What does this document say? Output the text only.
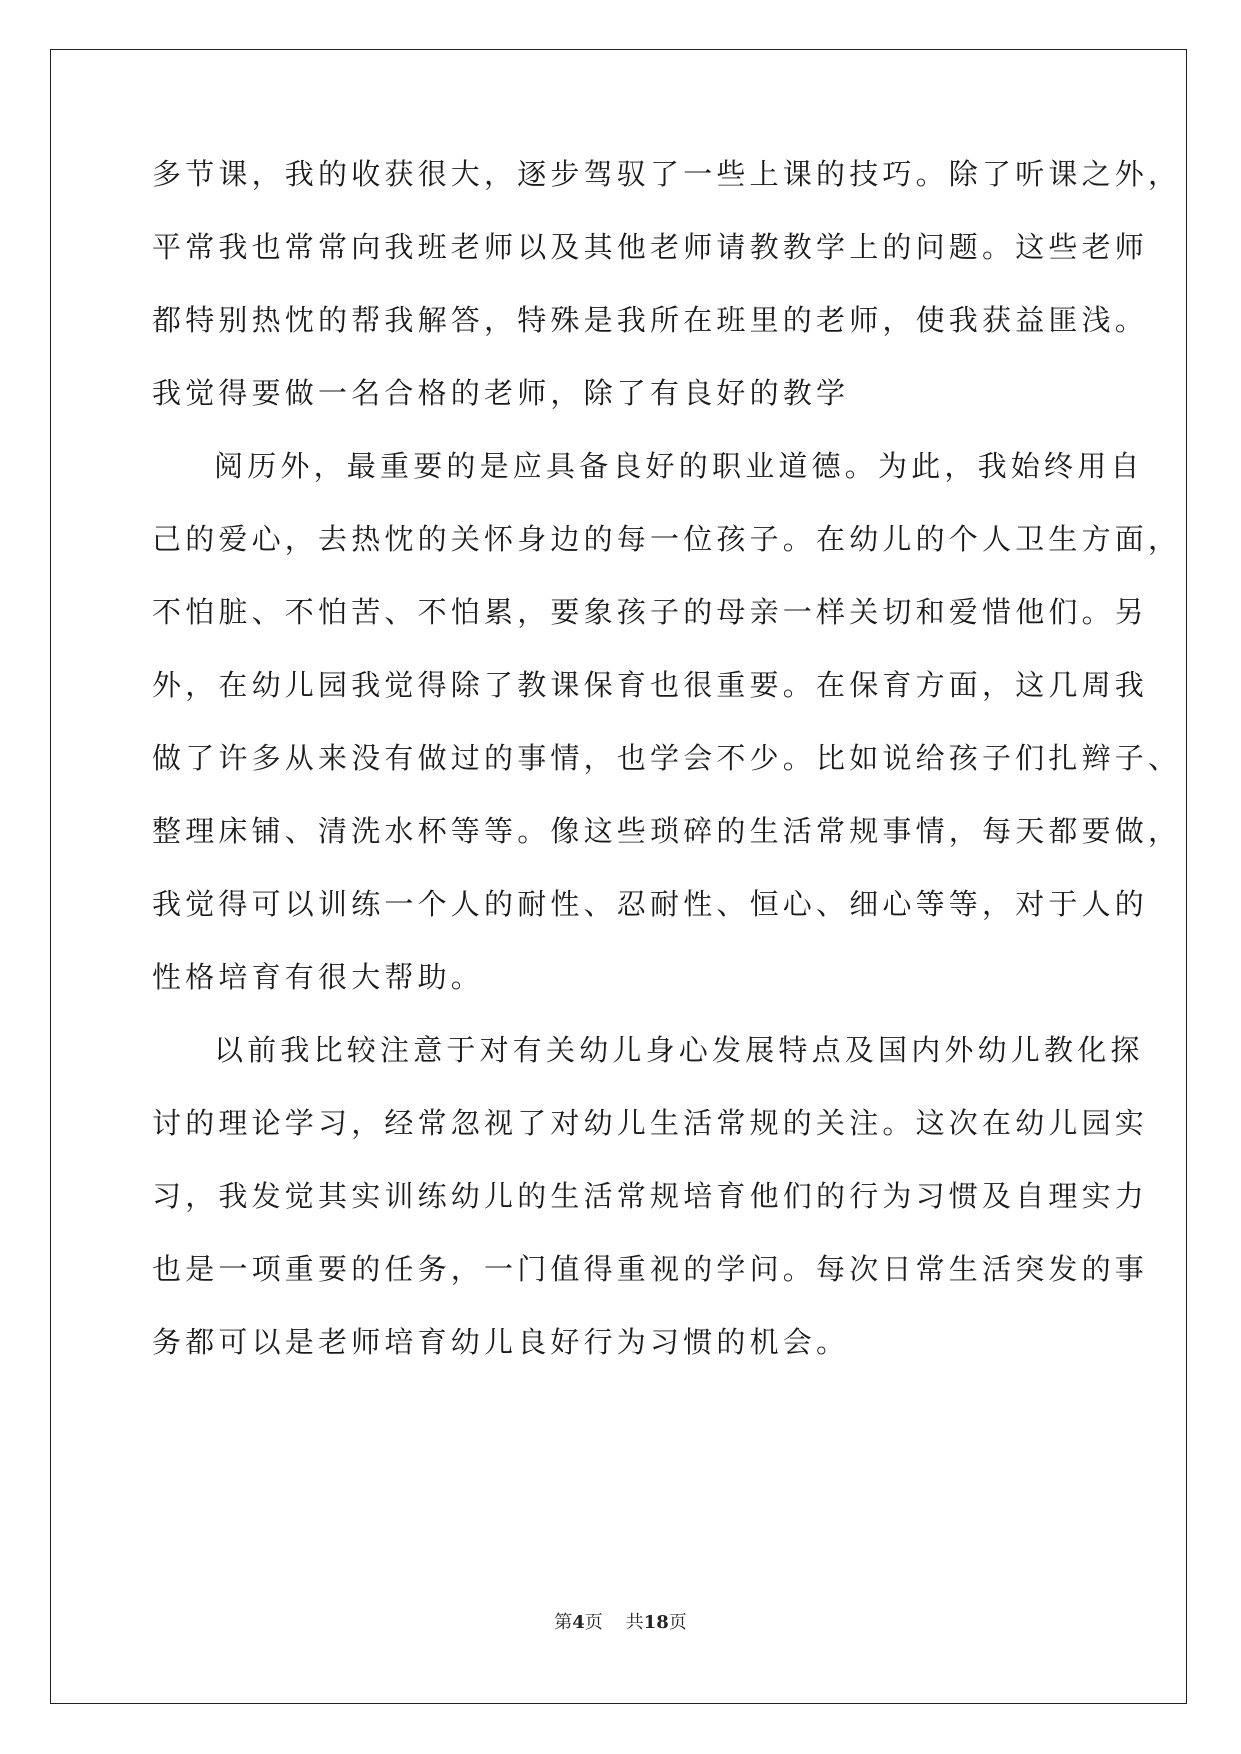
多节课，我的收获很大，逐步驾驭了一些上课的技巧。除了听课之外，
平常我也常常向我班老师以及其他老师请教教学上的问题。这些老师
都特别热忱的帮我解答，特殊是我所在班里的老师，使我获益匪浅。
我觉得要做一名合格的老师，除了有良好的教学
阅历外，最重要的是应具备良好的职业道德。为此，我始终用自
己的爱心，去热忱的关怀身边的每一位孩子。在幼儿的个人卫生方面，
不怕脏、不怕苦、不怕累，要象孩子的母亲一样关切和爱惜他们。另
外，在幼儿园我觉得除了教课保育也很重要。在保育方面，这几周我
做了许多从来没有做过的事情，也学会不少。比如说给孩子们扎辫子、
整理床铺、清洗水杯等等。像这些琐碎的生活常规事情，每天都要做，
我觉得可以训练一个人的耐性、忍耐性、恒心、细心等等，对于人的
性格培育有很大帮助。
以前我比较注意于对有关幼儿身心发展特点及国内外幼儿教化探
讨的理论学习，经常忽视了对幼儿生活常规的关注。这次在幼儿园实
习，我发觉其实训练幼儿的生活常规培育他们的行为习惯及自理实力
也是一项重要的任务，一门值得重视的学问。每次日常生活突发的事
务都可以是老师培育幼儿良好行为习惯的机会。
第4页 共18页
